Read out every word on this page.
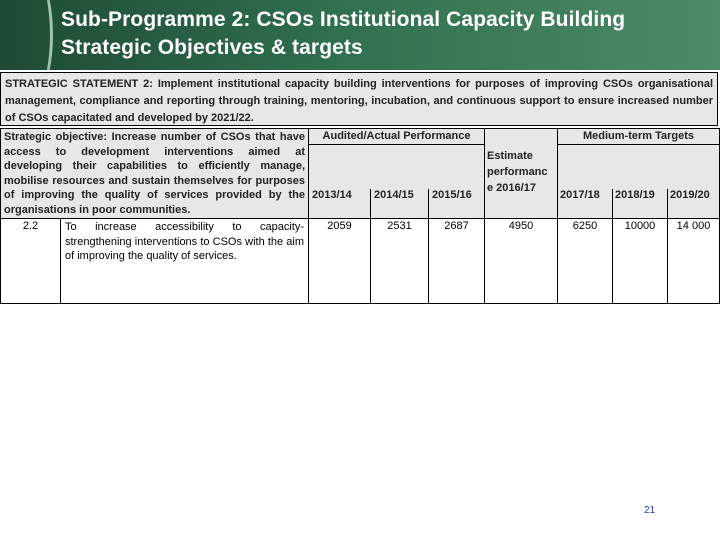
Sub-Programme 2: CSOs Institutional Capacity Building
Strategic Objectives & targets
STRATEGIC STATEMENT 2: Implement institutional capacity building interventions for purposes of improving CSOs organisational management, compliance and reporting through training, mentoring, incubation, and continuous support to ensure increased number of CSOs capacitated and developed by 2021/22.
Strategic objective: Increase number of CSOs that have access to development interventions aimed at developing their capabilities to efficiently manage, mobilise resources and sustain themselves for purposes of improving the quality of services provided by the organisations in poor communities.		Audited/Actual Performance			Estimate performanc e 2016/17	Medium-term Targets		

		2013/14	2014/15	2015/16		2017/18	2018/19	2019/20
2.2	To increase accessibility to capacity-strengthening interventions to CSOs with the aim of improving the quality of services.	2059	2531	2687	4950	6250	10000	14 000
21
